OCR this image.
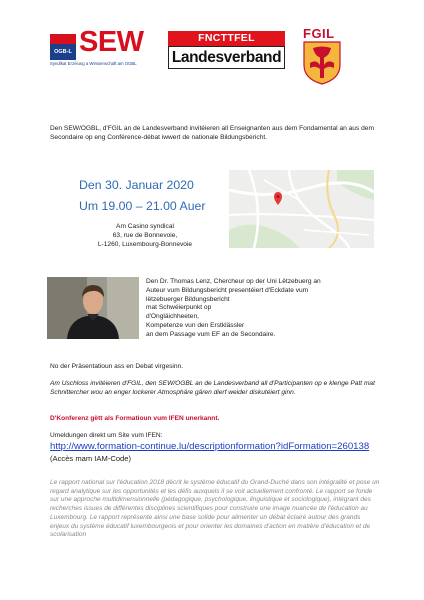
OGB-L SEW
Syndikat Erzéiung a Wëssenschaft am OGBL
FNCTTFEL
Landesverband
FGIL

Den SEW/OGBL, d'FGIL an de Landesverband invitéieren all Enseignanten aus dem Fondamental an aus dem Secondaire op eng Conférence-débat iwwert de nationale Bildungsbericht.

Den 30. Januar 2020
Um 19.00 – 21.00 Auer
Am Casino syndical
63, rue de Bonnevoie,
L-1260, Luxembourg-Bonnevoie
Den Dr. Thomas Lenz, Chercheur op der Uni Lëtzebuerg an
Auteur vum Bildungsbericht presentéiert d'Eckdate vum
lëtzebuerger Bildungsbericht
mat Schwéierpunkt op
d'Ongläichheeten,
Kompetenze vun den Erstklässler
an dem Passage vum EF an de Secondaire.

No der Präsentatioun ass en Debat virgesinn.

Am Uschloss invitéieren d'FGIL, den SEW/OGBL an de Landesverband all d'Participanten op e klenge Patt mat Schnittercher wou an enger lockerer Atmosphäre gären dierf weider diskutéiert ginn.

D'Konferenz gëtt als Formatioun vum IFEN unerkannt.

Umeldungen direkt um Site vum IFEN:

http://www.formation-continue.lu/descriptionformation?idFormation=260138

(Accès mam IAM-Code)

Le rapport national sur l'éducation 2018 décrit le système éducatif du Grand-Duché dans son intégralité et pose un regard analytique sur les opportunités et les défis auxquels il se voit actuellement confronté. Le rapport se fonde sur une approche multidimensionnelle (pédagogique, psychologique, linguistique et sociologique), intégrant des recherches issues de différentes disciplines scientifiques pour construire une image nuancée de l'éducation au Luxembourg. Le rapport représente ainsi une base solide pour alimenter un débat éclairé autour des grands enjeux du système éducatif luxembourgeois et pour orienter les domaines d'action en matière d'éducation et de scolarisation
